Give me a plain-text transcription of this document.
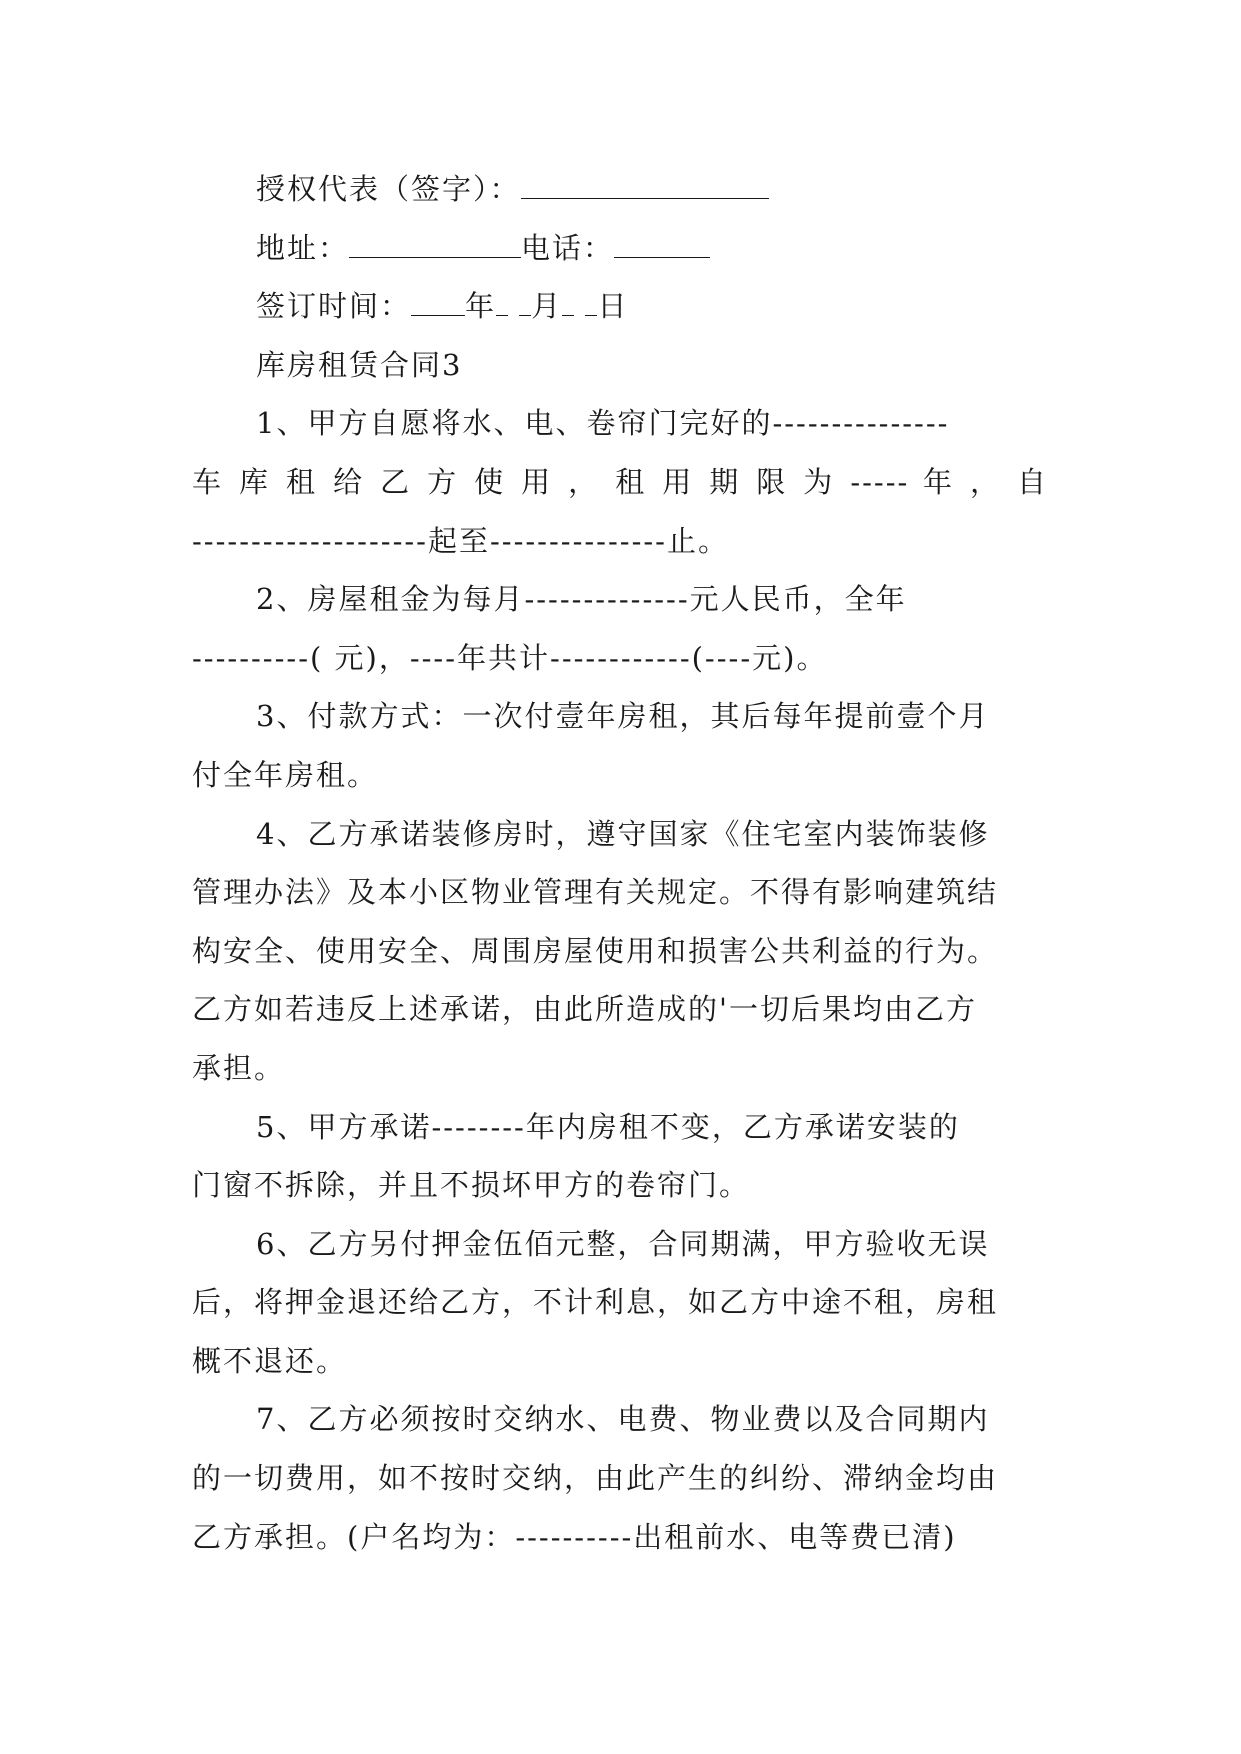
授权代表（签字）：
地址：	电话：
签订时间： 年 月 日
库房租赁合同3
1、甲方自愿将水、电、卷帘门完好的---------------
车 库 租 给 乙 方 使 用 ， 租 用 期 限 为 ----- 年 ， 自
--------------------起至---------------止。
2、房屋租金为每月--------------元人民币，全年
----------( 元)，----年共计------------(----元)。
3、付款方式：一次付壹年房租，其后每年提前壹个月
付全年房租。
4、乙方承诺装修房时，遵守国家《住宅室内装饰装修
管理办法》及本小区物业管理有关规定。不得有影响建筑结
构安全、使用安全、周围房屋使用和损害公共利益的行为。
乙方如若违反上述承诺，由此所造成的'一切后果均由乙方
承担。
5、甲方承诺--------年内房租不变，乙方承诺安装的
门窗不拆除，并且不损坏甲方的卷帘门。
6、乙方另付押金伍佰元整，合同期满，甲方验收无误
后，将押金退还给乙方，不计利息，如乙方中途不租，房租
概不退还。
7、乙方必须按时交纳水、电费、物业费以及合同期内
的一切费用，如不按时交纳，由此产生的纠纷、滞纳金均由
乙方承担。(户名均为：----------出租前水、电等费已清)
